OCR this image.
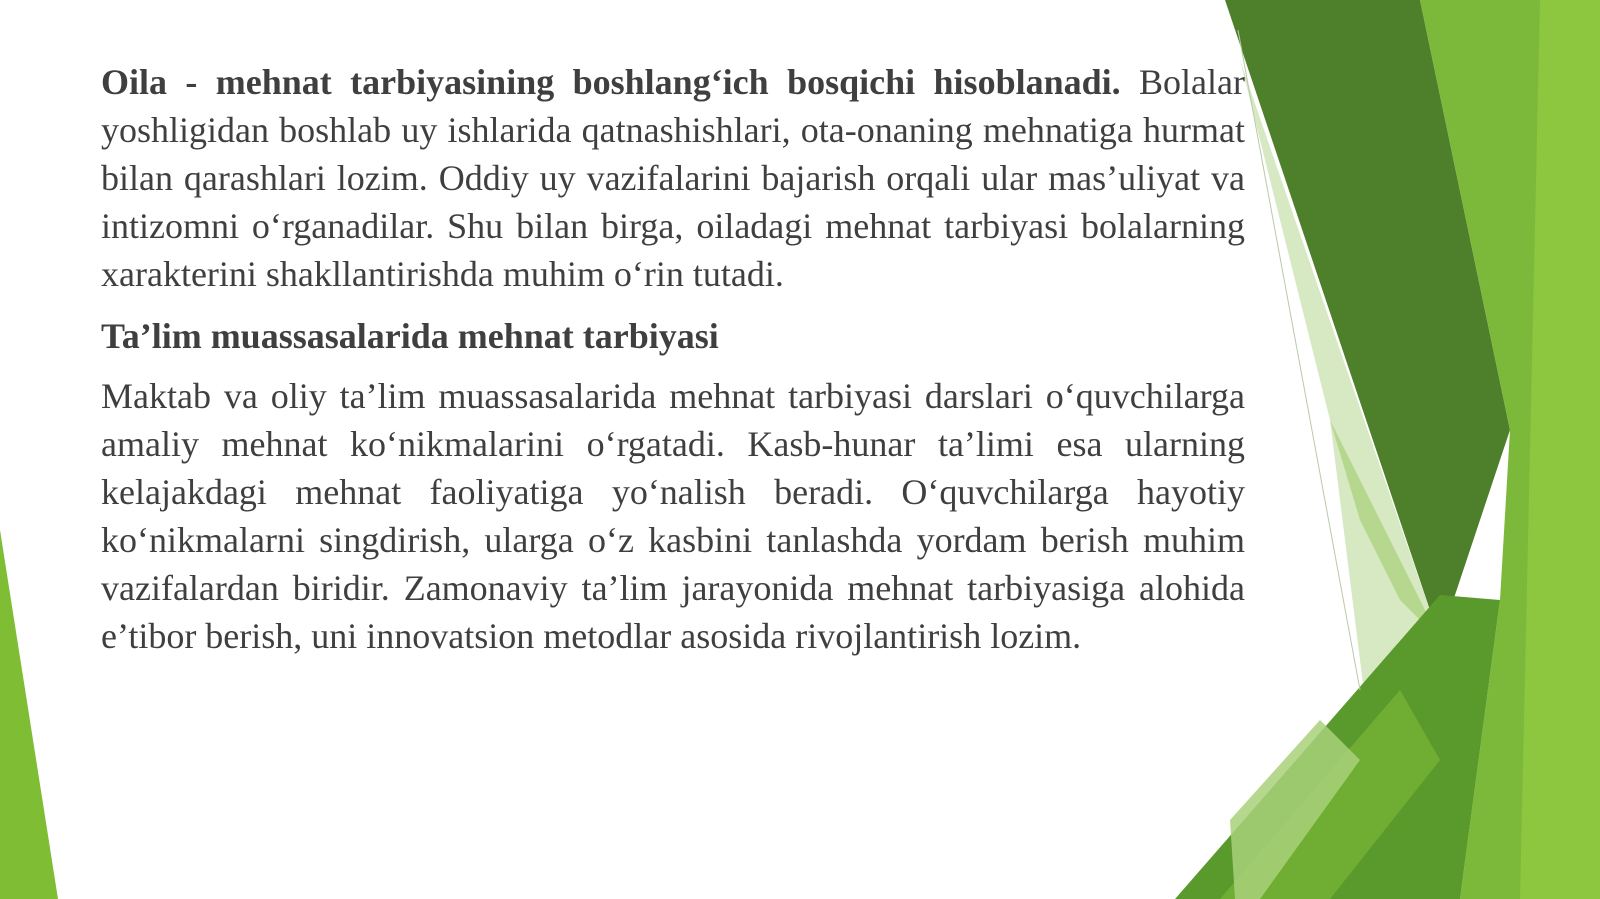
Oila - mehnat tarbiyasining boshlang‘ich bosqichi hisoblanadi. Bolalar yoshligidan boshlab uy ishlarida qatnashishlari, ota-onaning mehnatiga hurmat bilan qarashlari lozim. Oddiy uy vazifalarini bajarish orqali ular mas’uliyat va intizomni o‘rganadilar. Shu bilan birga, oiladagi mehnat tarbiyasi bolalarning xarakterini shakllantirishda muhim o‘rin tutadi.

Ta’lim muassasalarida mehnat tarbiyasi

Maktab va oliy ta’lim muassasalarida mehnat tarbiyasi darslari o‘quvchilarga amaliy mehnat ko‘nikmalarini o‘rgatadi. Kasb-hunar ta’limi esa ularning kelajakdagi mehnat faoliyatiga yo‘nalish beradi. O‘quvchilarga hayotiy ko‘nikmalarni singdirish, ularga o‘z kasbini tanlashda yordam berish muhim vazifalardan biridir. Zamonaviy ta’lim jarayonida mehnat tarbiyasiga alohida e’tibor berish, uni innovatsion metodlar asosida rivojlantirish lozim.
